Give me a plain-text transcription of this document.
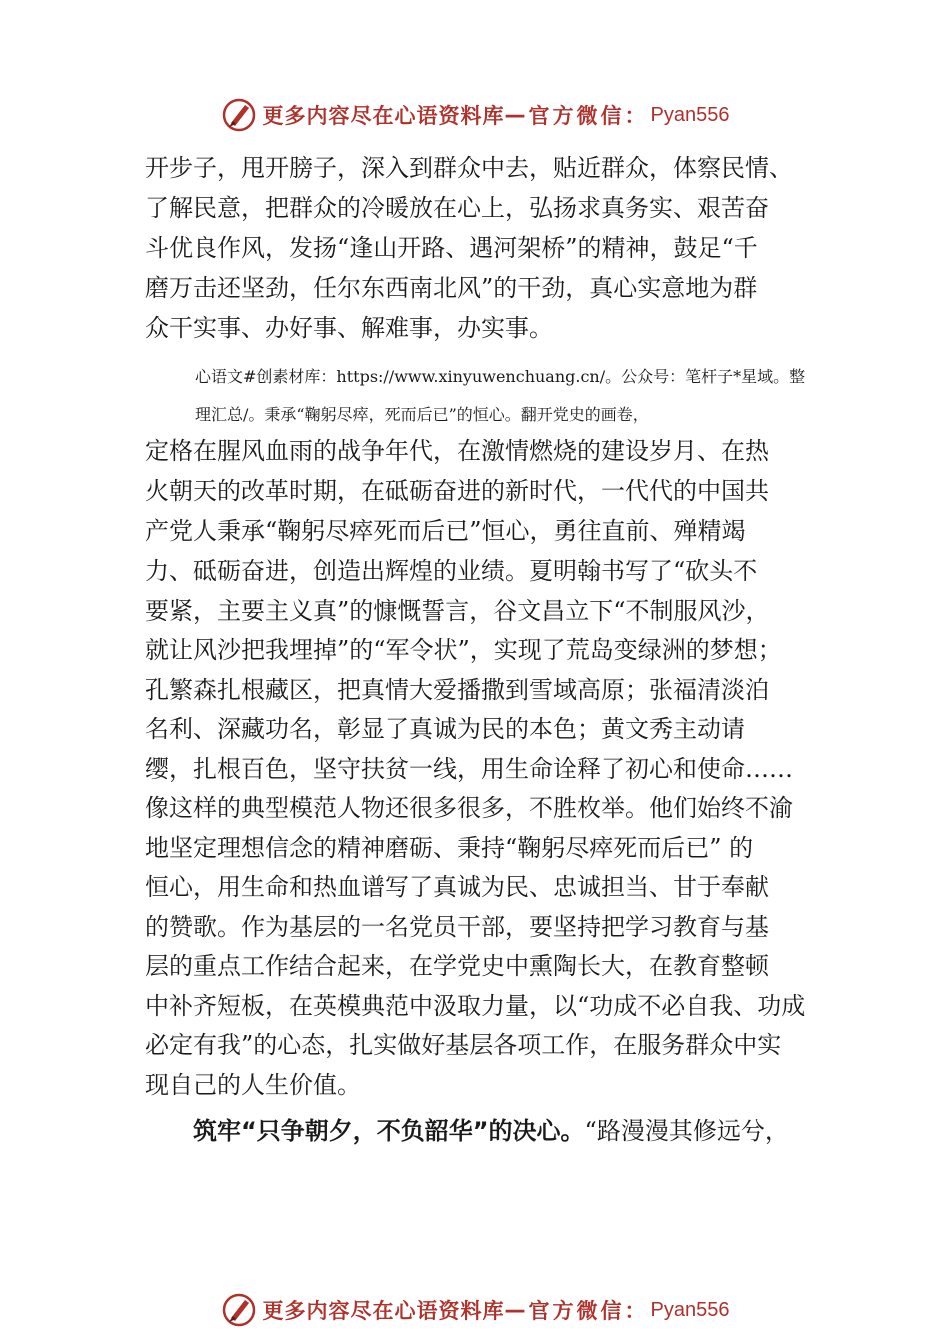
更多内容尽在心语资料库 — 官方微信： Pyan556
开步子，甩开膀子，深入到群众中去，贴近群众，体察民情、
了解民意，把群众的冷暖放在心上，弘扬求真务实、艰苦奋
斗优良作风，发扬“逢山开路、遇河架桥”的精神，鼓足“千
磨万击还坚劲，任尔东西南北风”的干劲，真心实意地为群
众干实事、办好事、解难事，办实事。
心语文#创素材库：https://www.xinyuwenchuang.cn/。公众号：笔杆子*星域。整
理汇总/。秉承“鞠躬尽瘁，死而后已”的恒心。翻开党史的画卷，
定格在腥风血雨的战争年代，在激情燃烧的建设岁月、在热
火朝天的改革时期，在砥砺奋进的新时代，一代代的中国共
产党人秉承“鞠躬尽瘁死而后已”恒心，勇往直前、殚精竭
力、砥砺奋进，创造出辉煌的业绩。夏明翰书写了“砍头不
要紧，主要主义真”的慷慨誓言，谷文昌立下“不制服风沙，
就让风沙把我埋掉”的“军令状”，实现了荒岛变绿洲的梦想；
孔繁森扎根藏区，把真情大爱播撒到雪域高原；张福清淡泊
名利、深藏功名，彰显了真诚为民的本色；黄文秀主动请
缨，扎根百色，坚守扶贫一线，用生命诠释了初心和使命……
像这样的典型模范人物还很多很多，不胜枚举。他们始终不渝
地坚定理想信念的精神磨砺、秉持“鞠躬尽瘁死而后已” 的
恒心，用生命和热血谱写了真诚为民、忠诚担当、甘于奉献
的赞歌。作为基层的一名党员干部，要坚持把学习教育与基
层的重点工作结合起来，在学党史中熏陶长大，在教育整顿
中补齐短板，在英模典范中汲取力量，以“功成不必自我、功成
必定有我”的心态，扎实做好基层各项工作，在服务群众中实
现自己的人生价值。
筑牢“只争朝夕，不负韶华”的决心。“路漫漫其修远兮，
更多内容尽在心语资料库 — 官方微信： Pyan556
